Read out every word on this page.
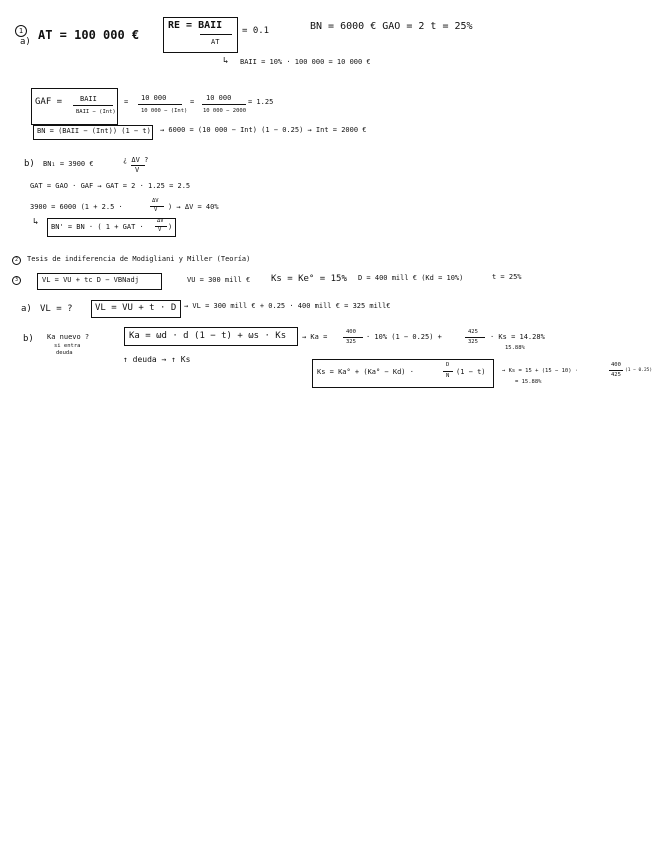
1
a) AT = 100 000 €
RE = BAII
AT
= 0.1	BN = 6000 € GAO = 2 t = 25%
↳ BAII = 10% · 100 000 = 10 000 €
GAF =	BAII
BAII − (Int)
= 10 000
10 000 − (Int)
= 10 000
10 000 − 2000
= 1.25
BN = (BAII − (Int)) (1 − t) → 6000 = (10 000 − Int) (1 − 0.25) → Int = 2000 €
b) BN₁ = 3900 €	¿ ΔV ?
V
GAT = GAO · GAF → GAT = 2 · 1.25 = 2.5
3900 = 6000 (1 + 2.5 ·
ΔV
V ) → ΔV = 40%
↳ BN' = BN · ( 1 + GAT ·
ΔV
V )
2	Tesis de indiferencia de Modigliani y Miller (Teoría)
3	VL = VU + tc D − VBNadj	VU = 300 mill € Ks = Ke° = 15% D = 400 mill € (Kd = 10%)	t = 25%
a) VL = ? VL = VU + t · D → VL = 300 mill € + 0.25 · 400 mill € = 325 mill€
b) Ka nuevo ?
si entra
deuda
Ka = ωd · d (1 − t) + ωs · Ks → Ka =
400
325
· 10% (1 − 0.25) +
425
325
· Ks = 14.28%
15.88%
↑ deuda → ↑ Ks
Ks = Ka° + (Ka° − Kd) ·
D
N (1 − t)	→ Ks = 15 + (15 − 10) ·
400
425
(1 − 0.25)
= 15.88%
